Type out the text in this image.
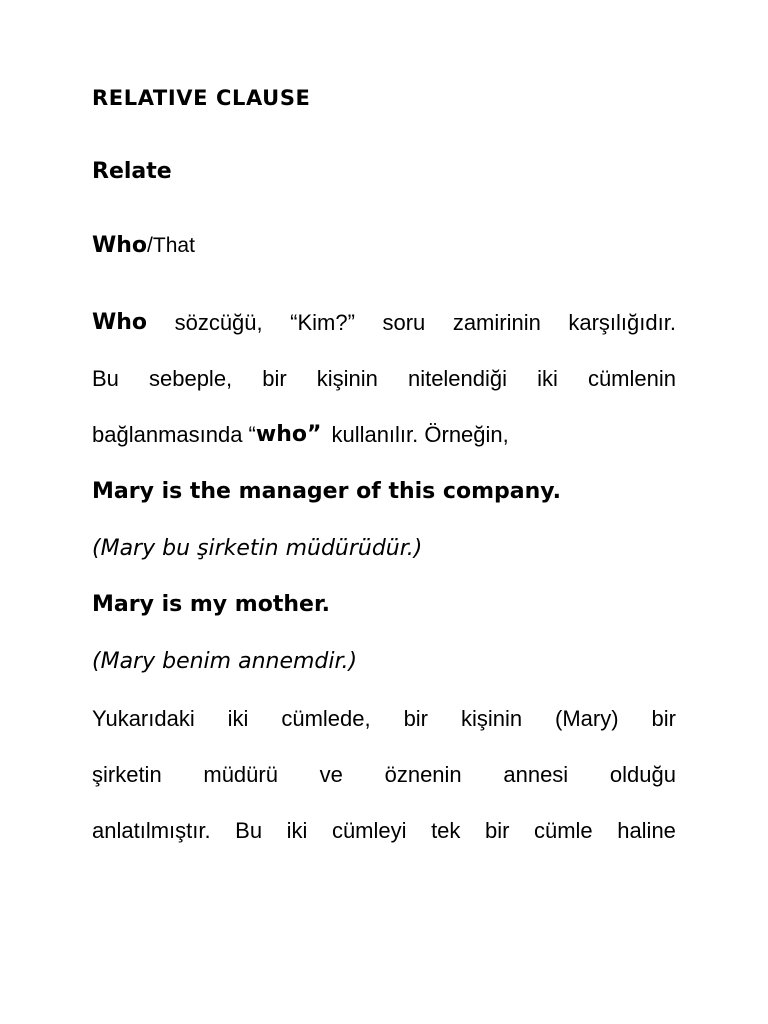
RELATIVE CLAUSE
Relate
Who/That
Who sözcüğü, “Kim?” soru zamirinin karşılığıdır.
Bu sebeple, bir kişinin nitelendiği iki cümlenin
bağlanmasında “ who” kullanılır. Örneğin,
Mary is the manager of this company.
(Mary bu şirketin müdürüdür.)
Mary is my mother.
(Mary benim annemdir.)
Yukarıdaki iki cümlede, bir kişinin (Mary) bir
şirketin müdürü ve öznenin annesi olduğu
anlatılmıştır. Bu iki cümleyi tek bir cümle haline
